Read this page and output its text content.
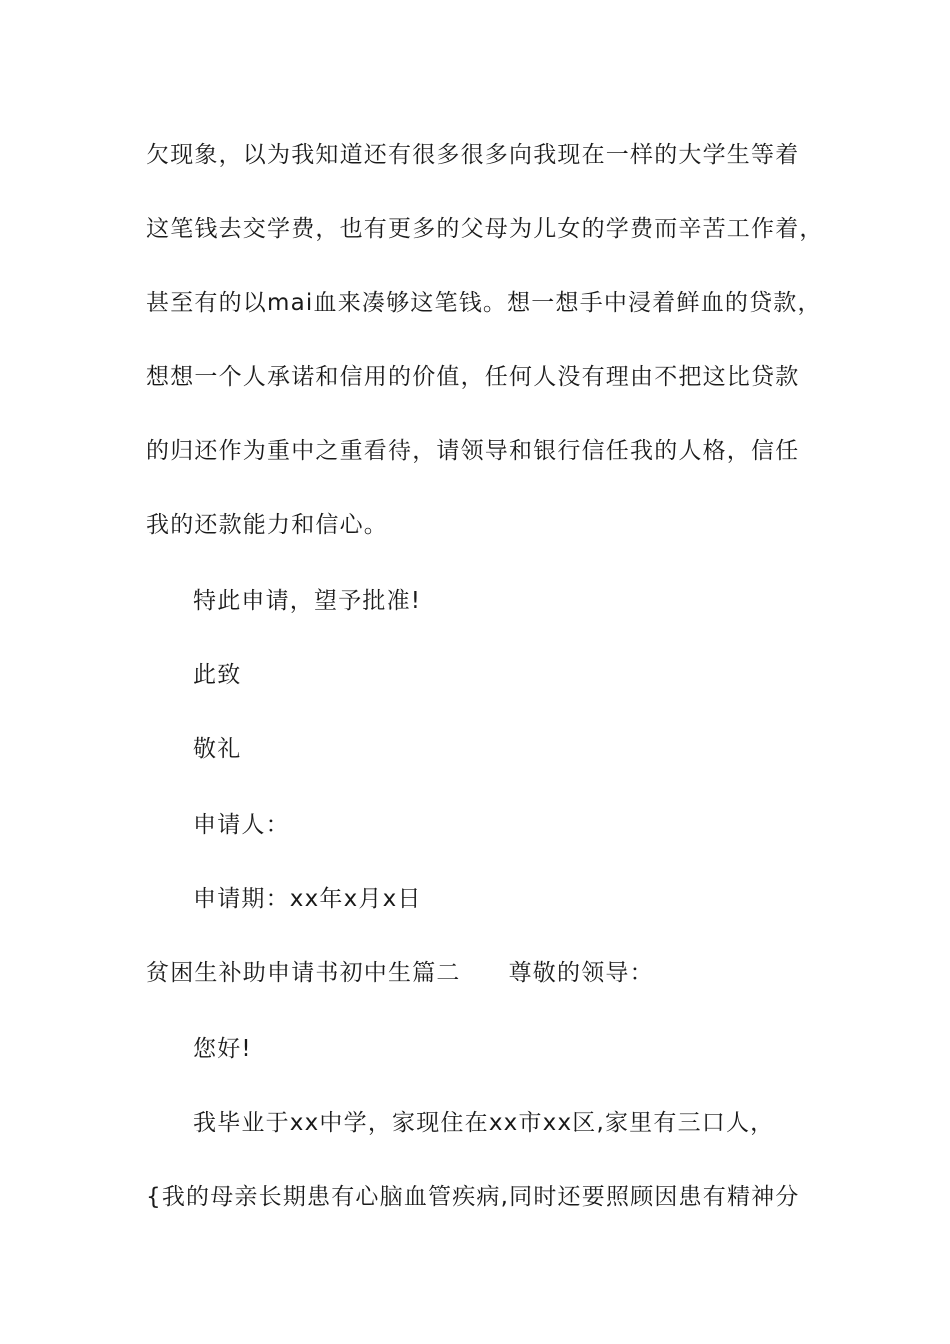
欠现象，以为我知道还有很多很多向我现在一样的大学生等着

这笔钱去交学费，也有更多的父母为儿女的学费而辛苦工作着，

甚至有的以mai血来凑够这笔钱。想一想手中浸着鲜血的贷款，

想想一个人承诺和信用的价值，任何人没有理由不把这比贷款

的归还作为重中之重看待，请领导和银行信任我的人格，信任

我的还款能力和信心。

特此申请，望予批准!

此致

敬礼

申请人：

申请期：xx年x月x日

贫困生补助申请书初中生篇二 尊敬的领导：

您好!

我毕业于xx中学，家现住在xx市xx区,家里有三口人，

{我的母亲长期患有心脑血管疾病,同时还要照顾因患有精神分
